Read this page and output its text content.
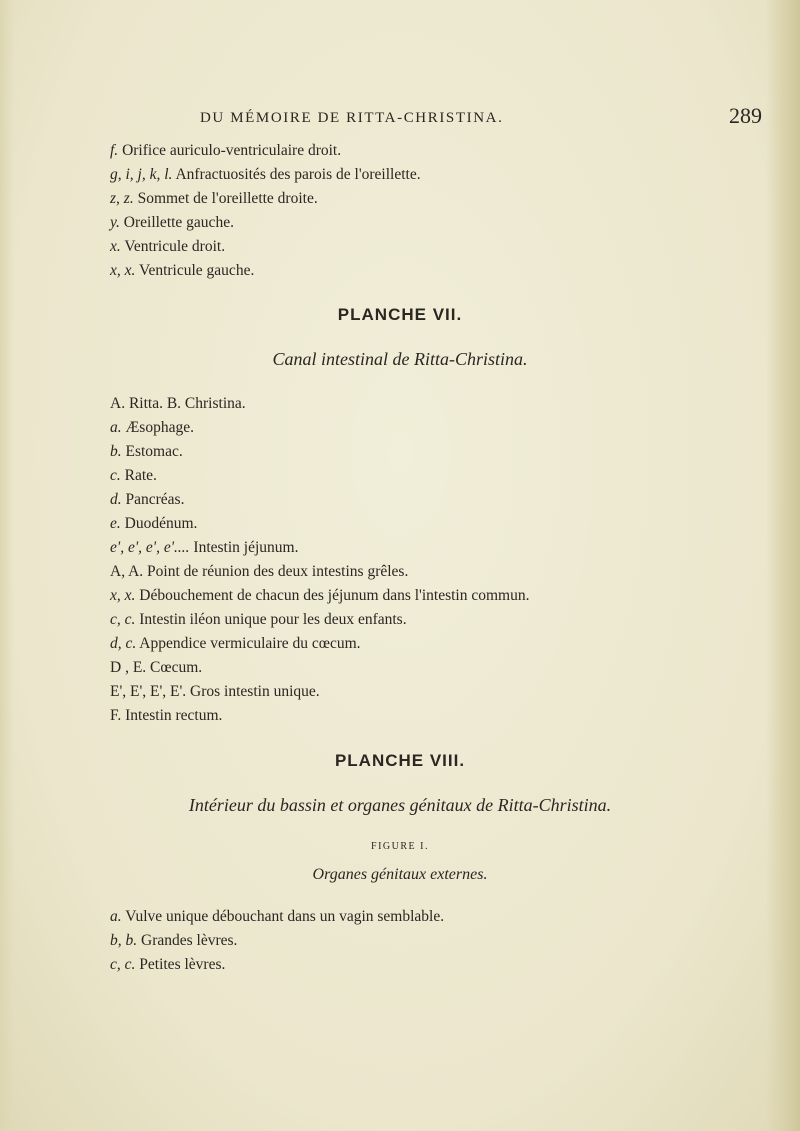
DU MÉMOIRE DE RITTA-CHRISTINA.	289
f. Orifice auriculo-ventriculaire droit.
g, i, j, k, l. Anfractuosités des parois de l'oreillette.
z, z. Sommet de l'oreillette droite.
y. Oreillette gauche.
x. Ventricule droit.
x, x. Ventricule gauche.
PLANCHE VII.
Canal intestinal de Ritta-Christina.
A. Ritta. B. Christina.
a. Æsophage.
b. Estomac.
c. Rate.
d. Pancréas.
e. Duodénum.
e', e', e', e'.... Intestin jéjunum.
A, A. Point de réunion des deux intestins grêles.
x, x. Débouchement de chacun des jéjunum dans l'intestin commun.
c, c. Intestin iléon unique pour les deux enfants.
d, c. Appendice vermiculaire du cœcum.
D , E. Cœcum.
E', E', E', E'. Gros intestin unique.
F. Intestin rectum.
PLANCHE VIII.
Intérieur du bassin et organes génitaux de Ritta-Christina.
FIGURE I.
Organes génitaux externes.
a. Vulve unique débouchant dans un vagin semblable.
b, b. Grandes lèvres.
c, c. Petites lèvres.
